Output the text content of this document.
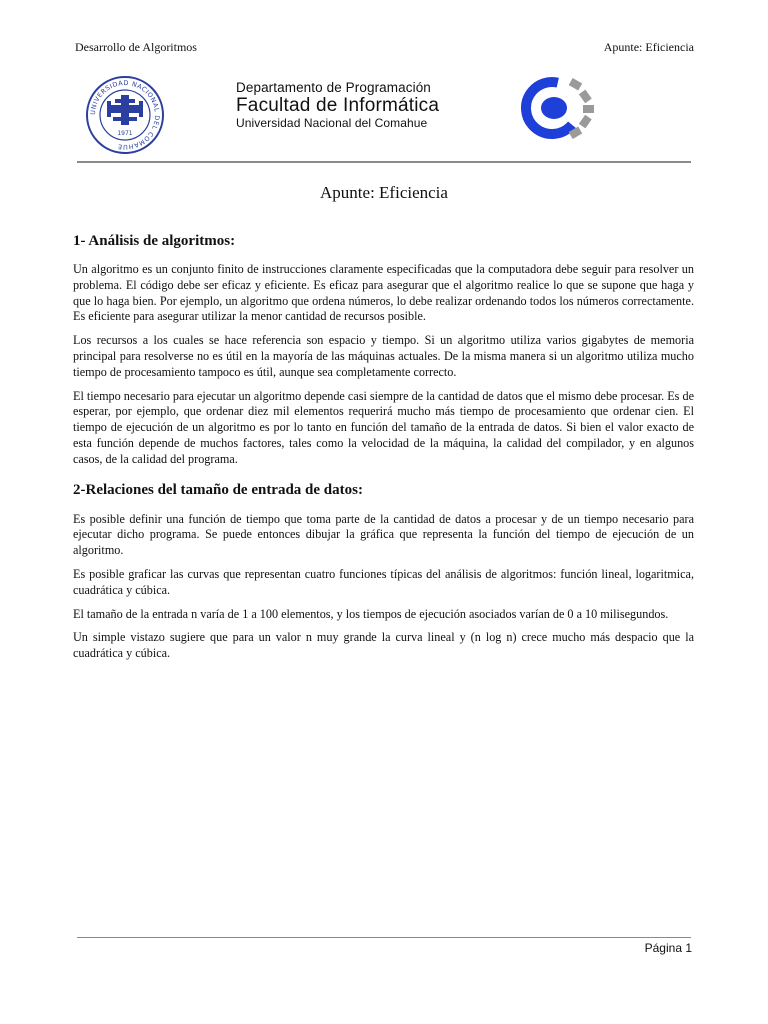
Desarrollo de Algoritmos	Apunte: Eficiencia
UNIVERSIDAD NACIONAL DEL COMAHUE
1971
Departamento de Programación
Facultad de Informática
Universidad Nacional del Comahue
Apunte: Eficiencia
1- Análisis de algoritmos:

Un algoritmo es un conjunto finito de instrucciones claramente especificadas que la computadora debe seguir para resolver un problema. El código debe ser eficaz y eficiente. Es eficaz para asegurar que el algoritmo realice lo que se supone que haga y que lo haga bien. Por ejemplo, un algoritmo que ordena números, lo debe realizar ordenando todos los números correctamente. Es eficiente para asegurar utilizar la menor cantidad de recursos posible.

Los recursos a los cuales se hace referencia son espacio y tiempo. Si un algoritmo utiliza varios gigabytes de memoria principal para resolverse no es útil en la mayoría de las máquinas actuales. De la misma manera si un algoritmo utiliza mucho tiempo de procesamiento tampoco es útil, aunque sea completamente correcto.

El tiempo necesario para ejecutar un algoritmo depende casi siempre de la cantidad de datos que el mismo debe procesar. Es de esperar, por ejemplo, que ordenar diez mil elementos requerirá mucho más tiempo de procesamiento que ordenar cien. El tiempo de ejecución de un algoritmo es por lo tanto en función del tamaño de la entrada de datos. Si bien el valor exacto de esta función depende de muchos factores, tales como la velocidad de la máquina, la calidad del compilador, y en algunos casos, de la calidad del programa.

2-Relaciones del tamaño de entrada de datos:

Es posible definir una función de tiempo que toma parte de la cantidad de datos a procesar y de un tiempo necesario para ejecutar dicho programa. Se puede entonces dibujar la gráfica que representa la función del tiempo de ejecución de un algoritmo.

Es posible graficar las curvas que representan cuatro funciones típicas del análisis de algoritmos: función lineal, logaritmica, cuadrática y cúbica.

El tamaño de la entrada n varía de 1 a 100 elementos, y los tiempos de ejecución asociados varían de 0 a 10 milisegundos.

Un simple vistazo sugiere que para un valor n muy grande la curva lineal y (n log n) crece mucho más despacio que la cuadrática y cúbica.

Página 1
